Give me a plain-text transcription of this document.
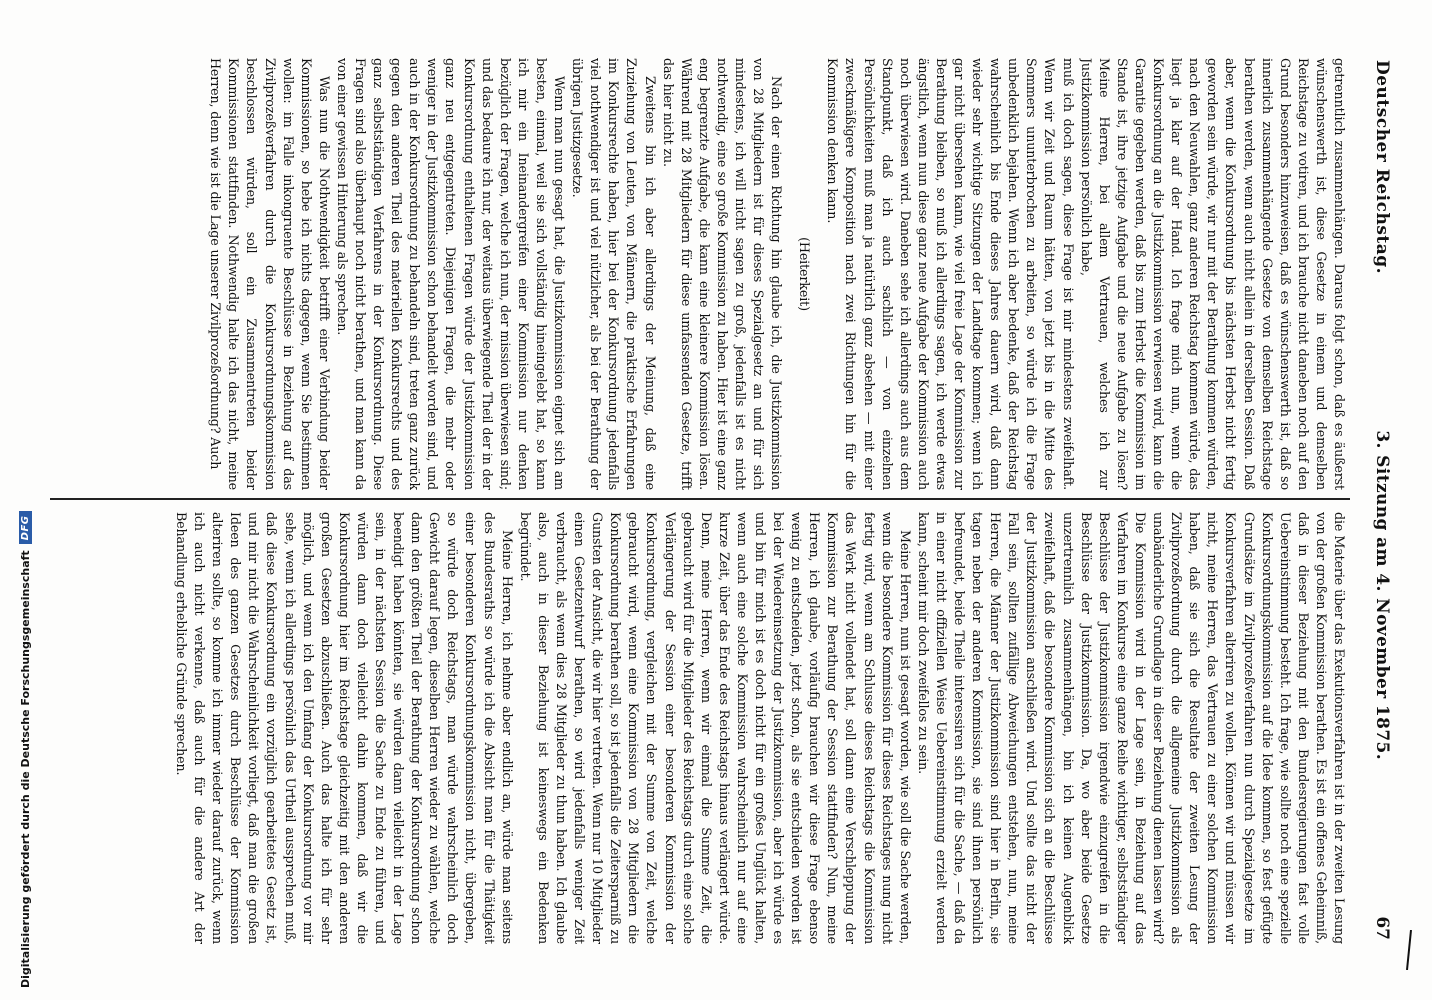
Deutscher Reichstag.
3. Sitzung am 4. November 1875.
67

getrenntlich zusammenhängen. Daraus folgt schon, daß es äußerst wünschenswerth ist, diese Gesetze in einem und demselben Reichstage zu votiren, und ich brauche nicht daneben noch auf den Grund besonders hinzuweisen, daß es wünschenswerth ist, daß so innerlich zusammenhängende Gesetze von demselben Reichstage berathen werden, wenn auch nicht allein in derselben Session. Daß aber, wenn die Konkursordnung bis nächsten Herbst nicht fertig geworden sein würde, wir nur mit der Berathung kommen würden, nach den Neuwahlen, ganz anderen Reichstag kommen würde, das liegt ja klar auf der Hand. Ich frage mich nun, wenn die Konkursordnung an die Justizkommission verwiesen wird, kann die Garantie gegeben werden, daß bis zum Herbst die Kommission im Stande ist, ihre jetzige Aufgabe und die neue Aufgabe zu lösen? Meine Herren, bei allem Vertrauen, welches ich zur Justizkommission persönlich habe,

muß ich doch sagen, diese Frage ist mir mindestens zweifelhaft. Wenn wir Zeit und Raum hätten, von jetzt bis in die Mitte des Sommers ununterbrochen zu arbeiten, so würde ich die Frage unbedenklich bejahen. Wenn ich aber bedenke, daß der Reichstag wahrscheinlich bis Ende dieses Jahres dauern wird, daß dann wieder sehr wichtige Sitzungen der Landtage kommen; wenn ich gar nicht übersehen kann, wie viel freie Lage der Kommission zur Berathung bleiben, so muß ich allerdings sagen, ich werde etwas ängstlich, wenn nun diese ganz neue Aufgabe der Kommission auch noch überwiesen wird. Daneben sehe ich allerdings auch aus dem Standpunkt, daß ich auch sachlich — von einzelnen Persönlichkeiten muß man ja natürlich ganz absehen — mit einer zweckmäßigere Komposition nach zwei Richtungen hin für die Kommission denken kann.

(Heiterkeit)

Nach der einen Richtung hin glaube ich, die Justizkommission von 28 Mitgliedern ist für dieses Spezialgesetz an und für sich mindestens, ich will nicht sagen zu groß, jedenfalls ist es nicht nothwendig, eine so große Kommission zu haben. Hier ist eine ganz eng begrenzte Aufgabe, die kann eine kleinere Kommission lösen. Während mit 28 Mitgliedern für diese umfassenden Gesetze, trifft das hier nicht zu.

Zweitens bin ich aber allerdings der Meinung, daß eine Zuziehung von Leuten, von Männern, die praktische Erfahrungen im Konkursrechte haben, hier bei der Konkursordnung jedenfalls viel nothwendiger ist und viel nützlicher, als bei der Berathung der übrigen Justizgesetze.

Wenn man nun gesagt hat, die Justizkommission eignet sich am besten, einmal, weil sie sich vollständig hineingelebt hat, so kann ich mir ein Ineinandergreifen einer Kommission nur denken bezüglich der Fragen, welche ich nun, der mission überwiesen sind; und das bedaure ich nur, der weitaus überwiegende Theil der in der Konkursordnung enthaltenen Fragen würde der Justizkommission ganz neu entgegentreten. Diejenigen Fragen, die mehr oder weniger in der Justizkommission schon behandelt worden sind, und auch in der Konkursordnung zu behandeln sind, treten ganz zurück gegen den anderen Theil des materiellen Konkursrechts und des ganz selbstständigen Verfahrens in der Konkursordnung. Diese Fragen sind also überhaupt noch nicht berathen, und man kann da von einer gewissen Hinterung als sprechen.

Was nun die Nothwendigkeit betrifft einer Verbindung beider Kommissionen, so hebe ich nichts dagegen, wenn Sie bestimmen wollen: im Falle inkongruente Beschlüsse in Beziehung auf das Zivilprozeßverfahren durch die Konkursordnungskommission beschlossen würden, soll ein Zusammentreten beider Kommissionen stattfinden. Nothwendig halte ich das nicht, meine Herren, denn wie ist die Lage unserer Zivilprozeßordnung? Auch

die Materie über das Exekutionsverfahren ist in der zweiten Lesung von der großen Kommission berathen. Es ist ein offenes Geheimniß, daß in dieser Beziehung mit den Bundesregierungen fast volle Uebereinstimmung besteht. Ich frage, wie sollte noch eine spezielle Konkursordnungskommission auf die Idee kommen, so fest gefügte Grundsätze im Zivilprozeßverfahren nun durch Spezialgesetze im Konkursverfahren alteriren zu wollen. Können wir und müssen wir nicht, meine Herren, das Vertrauen zu einer solchen Kommission haben, daß sie sich die Resultate der zweiten Lesung der Zivilprozeßordnung durch die allgemeine Justizkommission als unabänderliche Grundlage in dieser Beziehung dienen lassen wird? Die Kommission wird in der Lage sein, in Beziehung auf das Verfahren im Konkurse eine ganze Reihe wichtiger, selbstständiger Beschlüsse der Justizkommission irgendwie einzugreifen in die Beschlüsse der Justizkommission. Da, wo aber beide Gesetze unzertrennlich zusammenhängen, bin ich keinen Augenblick zweifelhaft, daß die besondere Kommission sich an die Beschlüsse der Justizkommission anschließen wird. Und sollte das nicht der Fall sein, sollten zufällige Abweichungen entstehen, nun, meine Herren, die Männer der Justizkommission sind hier in Berlin, sie tagen neben der anderen Kommission, sie sind ihnen persönlich befreundet, beide Theile interessiren sich für die Sache, — daß da in einer nicht offiziellen Weise Uebereinstimmung erzielt werden kann, scheint mir doch zweifellos zu sein.

Meine Herren, nun ist gesagt worden, wie soll die Sache werden, wenn die besondere Kommission für dieses Reichstages nung nicht fertig wird, wenn am Schlusse dieses Reichstags die Kommission das Werk nicht vollendet hat, soll dann eine Verschleppung der Kommission zur Berathung der Session stattfinden? Nun, meine Herren, ich glaube, vorläufig brauchen wir diese Frage ebenso wenig zu entscheiden, jetzt schon, als sie entschieden worden ist bei der Wiedereinsetzung der Justizkommission, aber ich würde es und bin für mich ist es doch nicht für ein großes Unglück halten, wenn auch eine solche Kommission wahrscheinlich nur auf eine kurze Zeit, über das Ende des Reichstags hinaus verlängert würde. Denn, meine Herren, wenn wir einmal die Summe Zeit, die gebraucht wird für die Mitglieder des Reichstags durch eine solche Verlängerung der Session einer besonderen Kommission der Konkursordnung, vergleichen mit der Summe von Zeit, welche gebraucht wird, wenn eine Kommission von 28 Mitgliedern die Konkursordnung berathen soll, so ist jedenfalls die Zeitersparniß zu Gunsten der Ansicht, die wir hier vertreten. Wenn nur 10 Mitglieder einen Gesetzentwurf berathen, so wird jedenfalls weniger Zeit verbraucht, als wenn dies 28 Mitglieder zu thun haben. Ich glaube also, auch in dieser Beziehung ist keineswegs ein Bedenken begründet.

Meine Herren, ich nehme aber endlich an, würde man seitens des Bundesraths so würde ich die Absicht man für die Thätigkeit einer besonderen Konkursordnungskommission nicht, übergeben, so würde doch Reichstags, man würde wahrscheinlich doch Gewicht darauf legen, dieselben Herren wieder zu wählen, welche dann den größten Theil der Berathung der Konkursordnung schon beendigt haben könnten, sie würden dann vielleicht in der Lage sein, in der nächsten Session die Sache zu Ende zu führen, und würden dann doch vielleicht dahin kommen, daß wir die Konkursordnung hier im Reichstage gleichzeitig mit den anderen großen Gesetzen abzuschließen. Auch das halte ich für sehr möglich, und wenn ich den Umfang der Konkursordnung vor mir sehe, wenn ich allerdings persönlich das Urtheil aussprechen muß, daß diese Konkursordnung ein vorzüglich gearbeitetes Gesetz ist, und mir nicht die Wahrscheinlichkeit vorliegt, daß man die großen Ideen des ganzen Gesetzes durch Beschlüsse der Kommission alteriren sollte, so komme ich immer wieder darauf zurück, wenn ich auch nicht verkenne, daß auch für die andere Art der Behandlung erhebliche Gründe sprechen.

Digitalisierung gefördert durch die Deutsche Forschungsgemeinschaft
DFG
